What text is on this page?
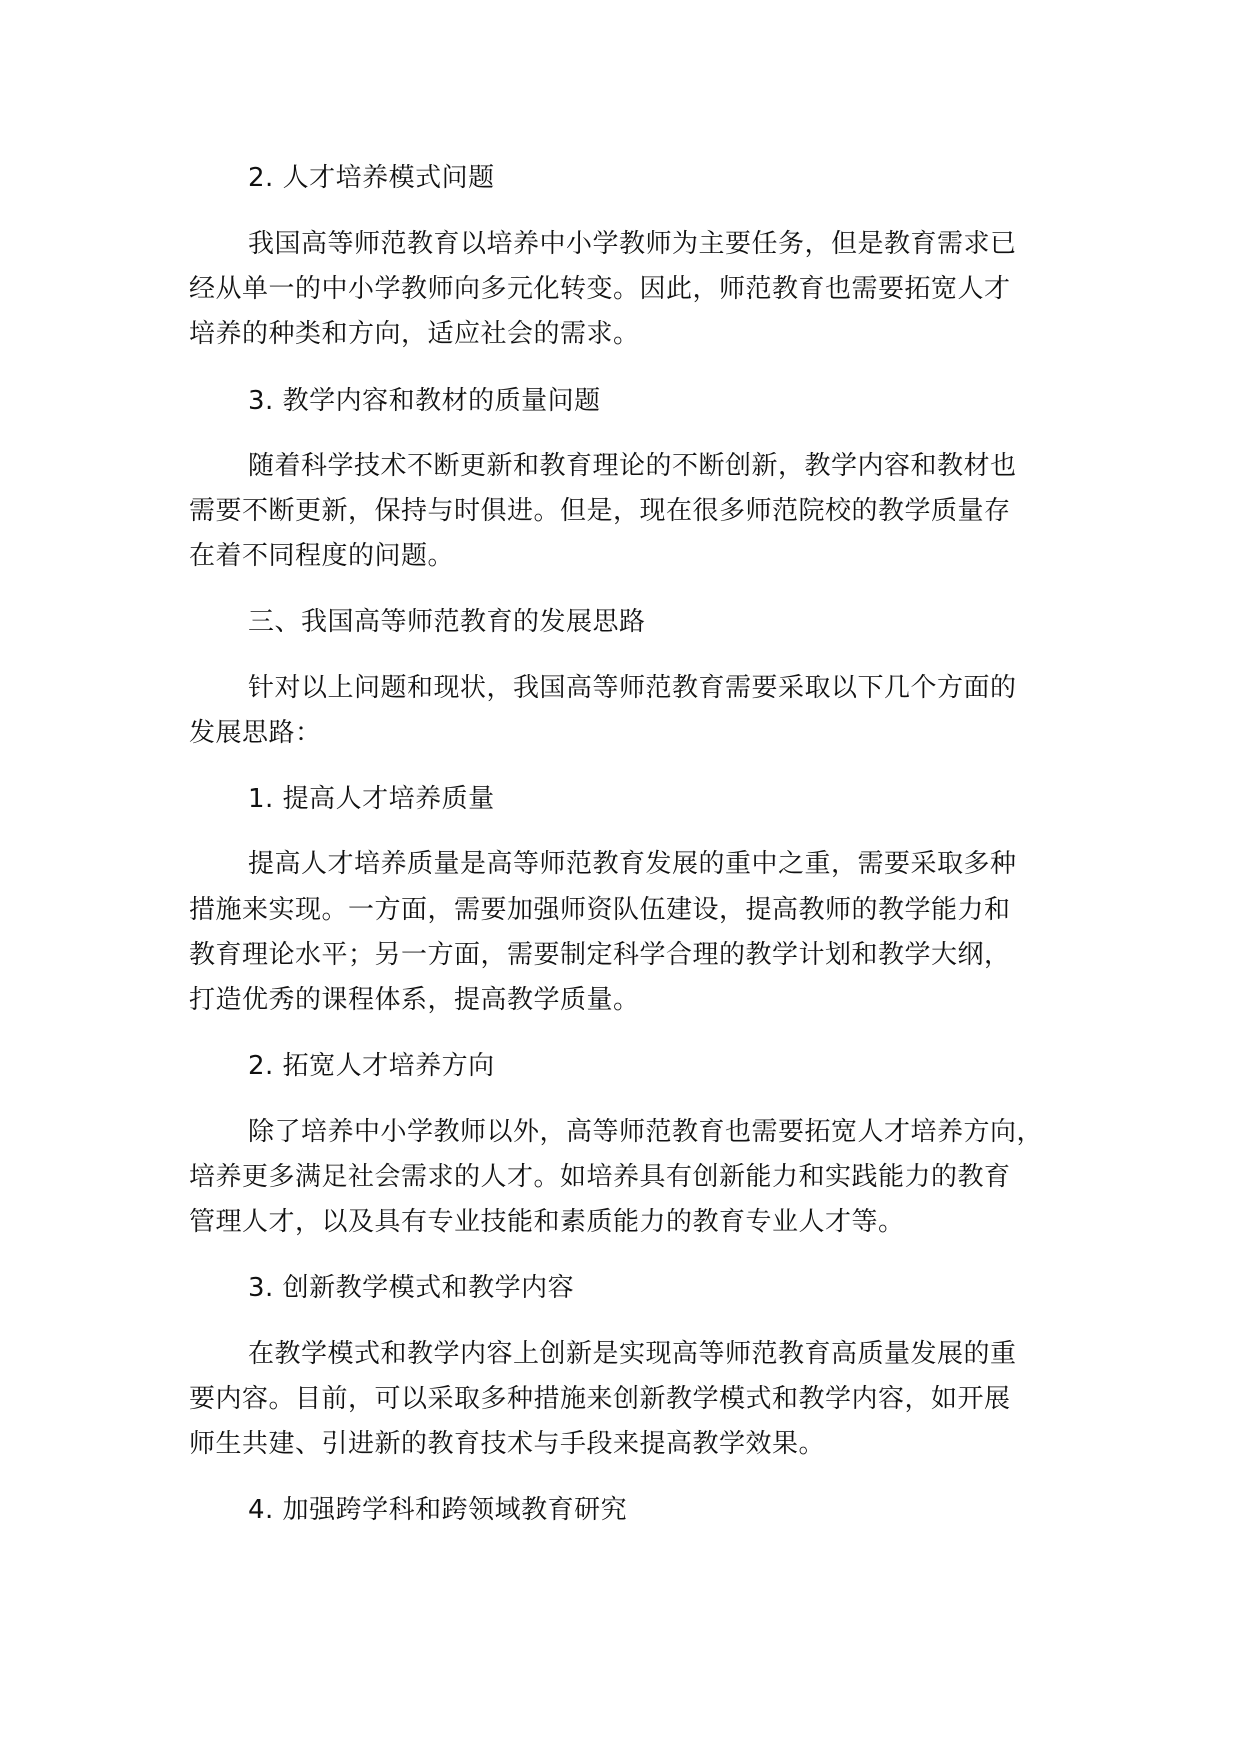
2. 人才培养模式问题
我国高等师范教育以培养中小学教师为主要任务，但是教育需求已
经从单一的中小学教师向多元化转变。因此，师范教育也需要拓宽人才
培养的种类和方向，适应社会的需求。
3. 教学内容和教材的质量问题
随着科学技术不断更新和教育理论的不断创新，教学内容和教材也
需要不断更新，保持与时俱进。但是，现在很多师范院校的教学质量存
在着不同程度的问题。
三、我国高等师范教育的发展思路
针对以上问题和现状，我国高等师范教育需要采取以下几个方面的
发展思路：
1. 提高人才培养质量
提高人才培养质量是高等师范教育发展的重中之重，需要采取多种
措施来实现。一方面，需要加强师资队伍建设，提高教师的教学能力和
教育理论水平；另一方面，需要制定科学合理的教学计划和教学大纲，
打造优秀的课程体系，提高教学质量。
2. 拓宽人才培养方向
除了培养中小学教师以外，高等师范教育也需要拓宽人才培养方向，
培养更多满足社会需求的人才。如培养具有创新能力和实践能力的教育
管理人才，以及具有专业技能和素质能力的教育专业人才等。
3. 创新教学模式和教学内容
在教学模式和教学内容上创新是实现高等师范教育高质量发展的重
要内容。目前，可以采取多种措施来创新教学模式和教学内容，如开展
师生共建、引进新的教育技术与手段来提高教学效果。
4. 加强跨学科和跨领域教育研究
